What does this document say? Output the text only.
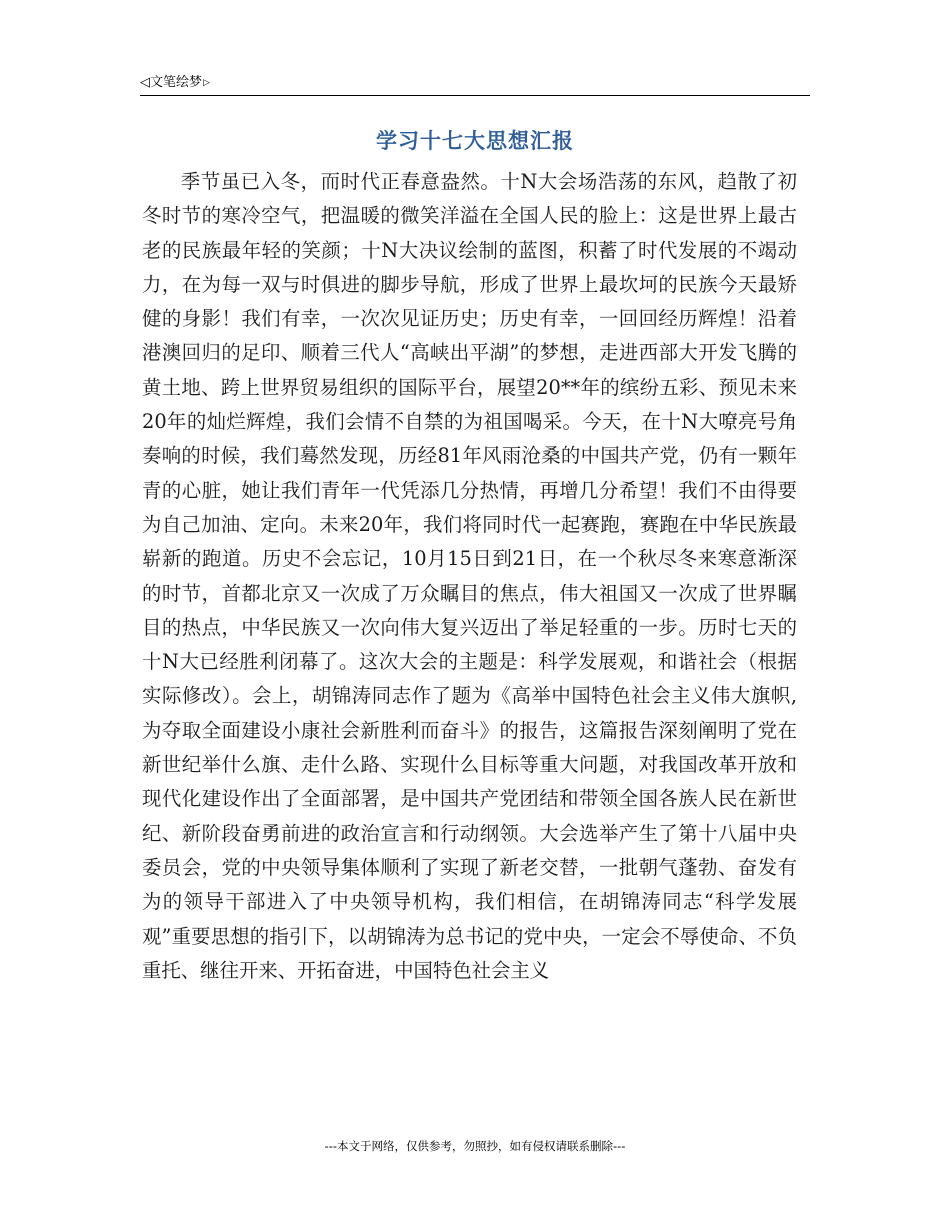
◁文笔绘梦▷
学习十七大思想汇报

季节虽已入冬，而时代正春意盎然。十N大会场浩荡的东风，趋散了初冬时节的寒冷空气，把温暖的微笑洋溢在全国人民的脸上：这是世界上最古老的民族最年轻的笑颜；十N大决议绘制的蓝图，积蓄了时代发展的不竭动力，在为每一双与时俱进的脚步导航，形成了世界上最坎坷的民族今天最矫健的身影！我们有幸，一次次见证历史；历史有幸，一回回经历辉煌！沿着港澳回归的足印、顺着三代人“高峡出平湖”的梦想，走进西部大开发飞腾的黄土地、跨上世界贸易组织的国际平台，展望20**年的缤纷五彩、预见未来20年的灿烂辉煌，我们会情不自禁的为祖国喝采。今天，在十N大嘹亮号角奏响的时候，我们蓦然发现，历经81年风雨沧桑的中国共产党，仍有一颗年青的心脏，她让我们青年一代凭添几分热情，再增几分希望！我们不由得要为自己加油、定向。未来20年，我们将同时代一起赛跑，赛跑在中华民族最崭新的跑道。历史不会忘记，10月15日到21日，在一个秋尽冬来寒意渐深的时节，首都北京又一次成了万众瞩目的焦点，伟大祖国又一次成了世界瞩目的热点，中华民族又一次向伟大复兴迈出了举足轻重的一步。历时七天的十N大已经胜利闭幕了。这次大会的主题是：科学发展观，和谐社会（根据实际修改）。会上，胡锦涛同志作了题为《高举中国特色社会主义伟大旗帜,为夺取全面建设小康社会新胜利而奋斗》的报告，这篇报告深刻阐明了党在新世纪举什么旗、走什么路、实现什么目标等重大问题，对我国改革开放和现代化建设作出了全面部署，是中国共产党团结和带领全国各族人民在新世纪、新阶段奋勇前进的政治宣言和行动纲领。大会选举产生了第十八届中央委员会，党的中央领导集体顺利了实现了新老交替，一批朝气蓬勃、奋发有为的领导干部进入了中央领导机构，我们相信，在胡锦涛同志“科学发展观”重要思想的指引下，以胡锦涛为总书记的党中央，一定会不辱使命、不负重托、继往开来、开拓奋进，中国特色社会主义

---本文于网络，仅供参考，勿照抄，如有侵权请联系删除---
